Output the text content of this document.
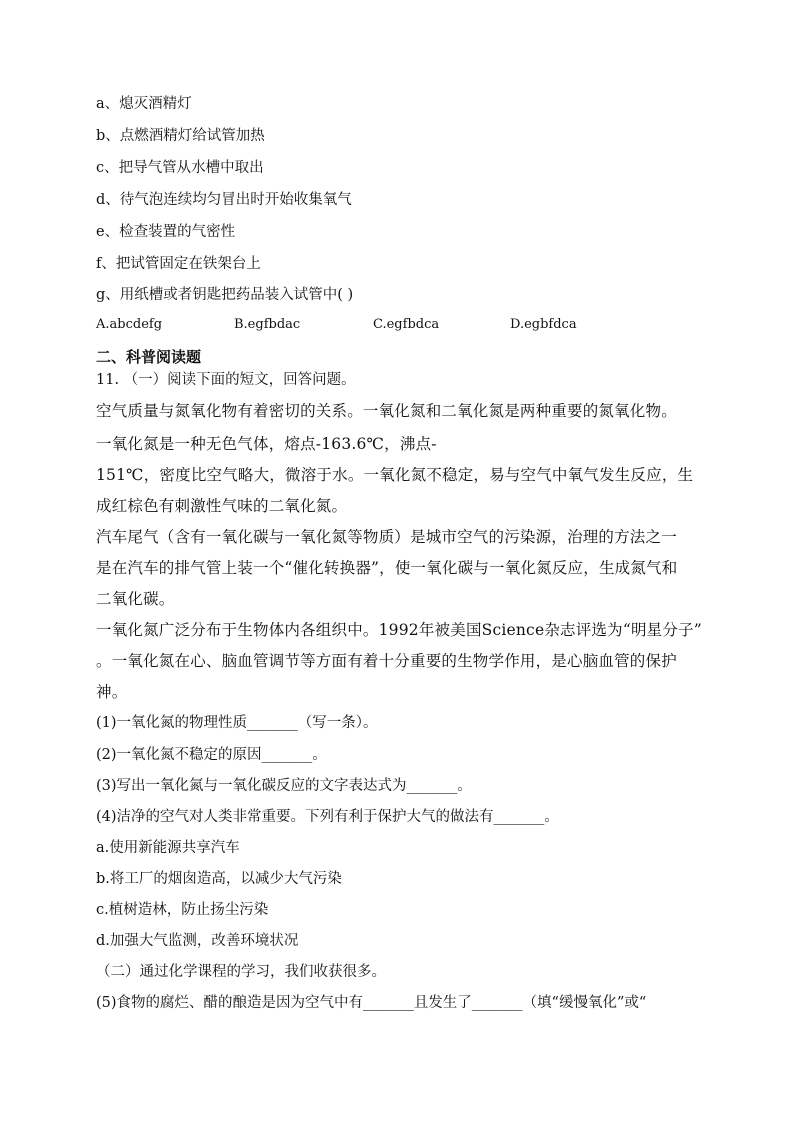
a、熄灭酒精灯
b、点燃酒精灯给试管加热
c、把导气管从水槽中取出
d、待气泡连续均匀冒出时开始收集氧气
e、检查装置的气密性
f、把试管固定在铁架台上
g、用纸槽或者钥匙把药品装入试管中( )
A.abcdefg	B.egfbdac	C.egfbdca	D.egbfdca
二、科普阅读题
11. （一）阅读下面的短文，回答问题。
空气质量与氮氧化物有着密切的关系。一氧化氮和二氧化氮是两种重要的氮氧化物。
一氧化氮是一种无色气体，熔点-163.6℃，沸点-
151℃，密度比空气略大，微溶于水。一氧化氮不稳定，易与空气中氧气发生反应，生
成红棕色有刺激性气味的二氧化氮。
汽车尾气（含有一氧化碳与一氧化氮等物质）是城市空气的污染源，治理的方法之一
是在汽车的排气管上装一个“催化转换器”，使一氧化碳与一氧化氮反应，生成氮气和
二氧化碳。
一氧化氮广泛分布于生物体内各组织中。1992年被美国Science杂志评选为“明星分子”
。一氧化氮在心、脑血管调节等方面有着十分重要的生物学作用，是心脑血管的保护
神。
(1)一氧化氮的物理性质_______（写一条）。
(2)一氧化氮不稳定的原因_______。
(3)写出一氧化氮与一氧化碳反应的文字表达式为_______。
(4)洁净的空气对人类非常重要。下列有利于保护大气的做法有_______。
a.使用新能源共享汽车
b.将工厂的烟囱造高，以减少大气污染
c.植树造林，防止扬尘污染
d.加强大气监测，改善环境状况
（二）通过化学课程的学习，我们收获很多。
(5)食物的腐烂、醋的酿造是因为空气中有_______且发生了_______（填“缓慢氧化”或“
